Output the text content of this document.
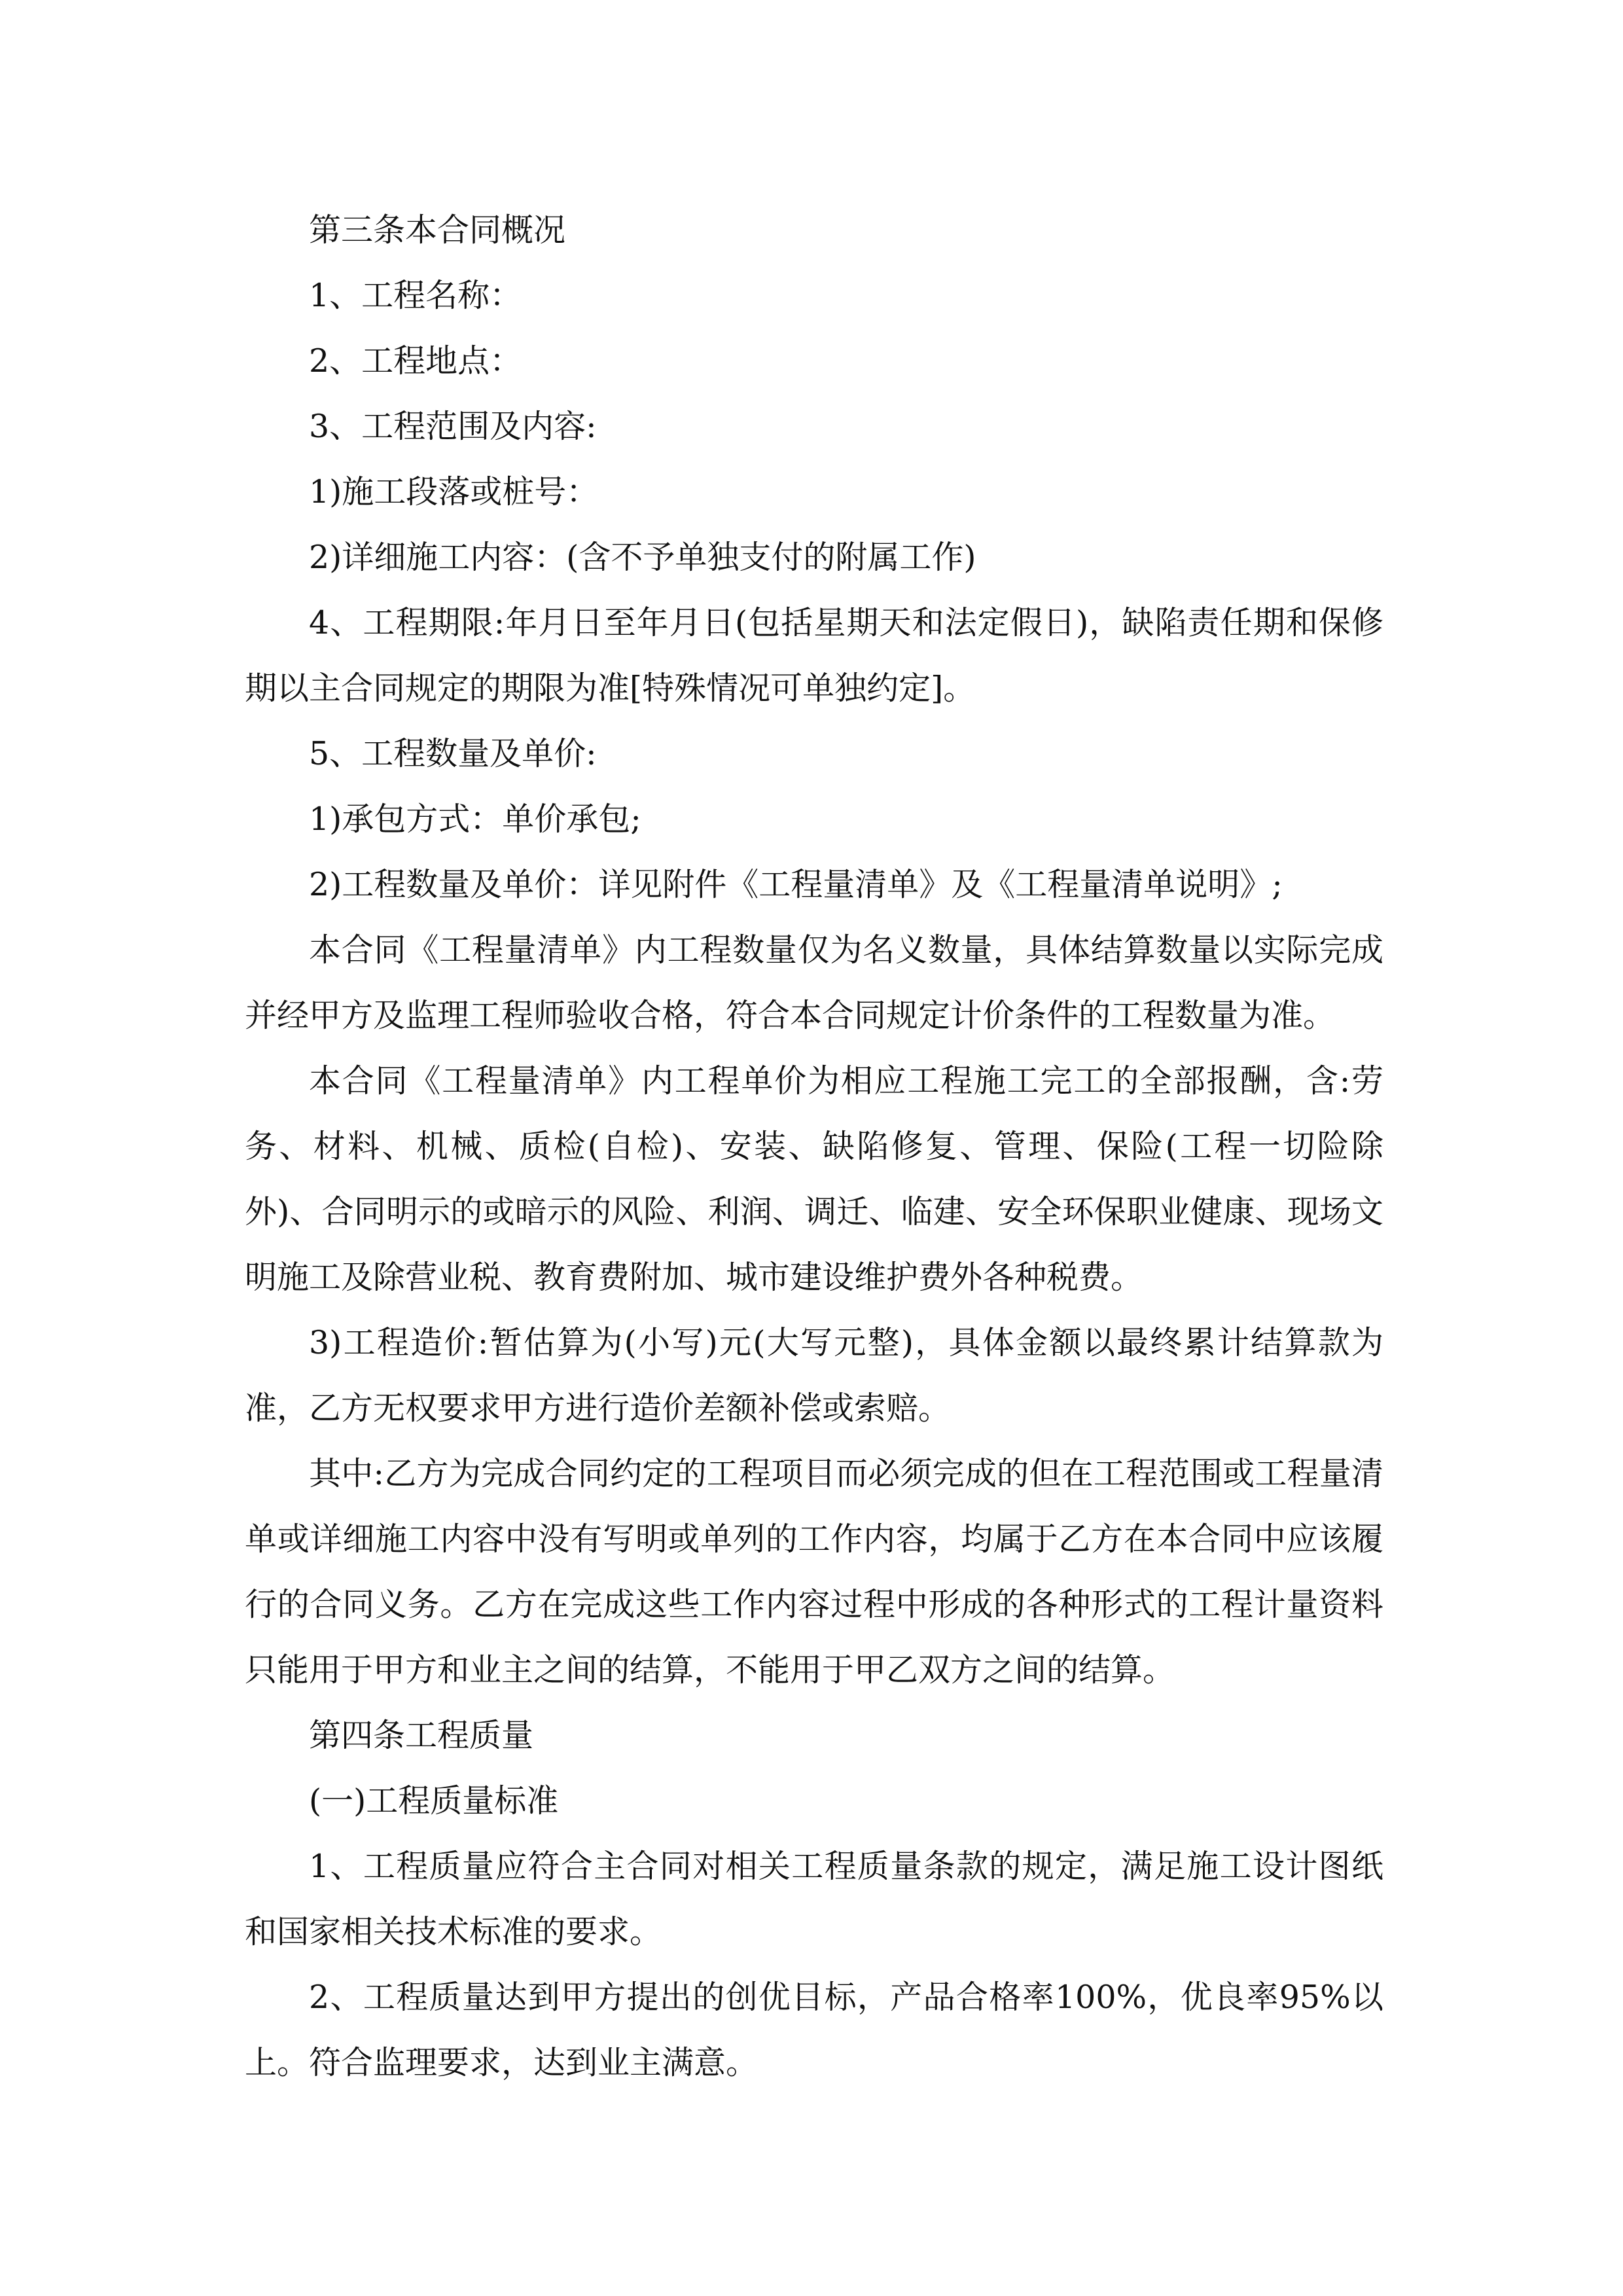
第三条本合同概况

1、工程名称：

2、工程地点：

3、工程范围及内容:

1)施工段落或桩号：

2)详细施工内容：(含不予单独支付的附属工作)

4、工程期限:年月日至年月日(包括星期天和法定假日)，缺陷责任期和保修期以主合同规定的期限为准[特殊情况可单独约定]。

5、工程数量及单价:

1)承包方式：单价承包;

2)工程数量及单价：详见附件《工程量清单》及《工程量清单说明》;

本合同《工程量清单》内工程数量仅为名义数量，具体结算数量以实际完成并经甲方及监理工程师验收合格，符合本合同规定计价条件的工程数量为准。

本合同《工程量清单》内工程单价为相应工程施工完工的全部报酬，含:劳务、材料、机械、质检(自检)、安装、缺陷修复、管理、保险(工程一切险除外)、合同明示的或暗示的风险、利润、调迁、临建、安全环保职业健康、现场文明施工及除营业税、教育费附加、城市建设维护费外各种税费。

3)工程造价:暂估算为(小写)元(大写元整)，具体金额以最终累计结算款为准，乙方无权要求甲方进行造价差额补偿或索赔。

其中:乙方为完成合同约定的工程项目而必须完成的但在工程范围或工程量清单或详细施工内容中没有写明或单列的工作内容，均属于乙方在本合同中应该履行的合同义务。乙方在完成这些工作内容过程中形成的各种形式的工程计量资料只能用于甲方和业主之间的结算，不能用于甲乙双方之间的结算。

第四条工程质量

(一)工程质量标准

1、工程质量应符合主合同对相关工程质量条款的规定，满足施工设计图纸和国家相关技术标准的要求。

2、工程质量达到甲方提出的创优目标，产品合格率100%，优良率95%以上。符合监理要求，达到业主满意。
